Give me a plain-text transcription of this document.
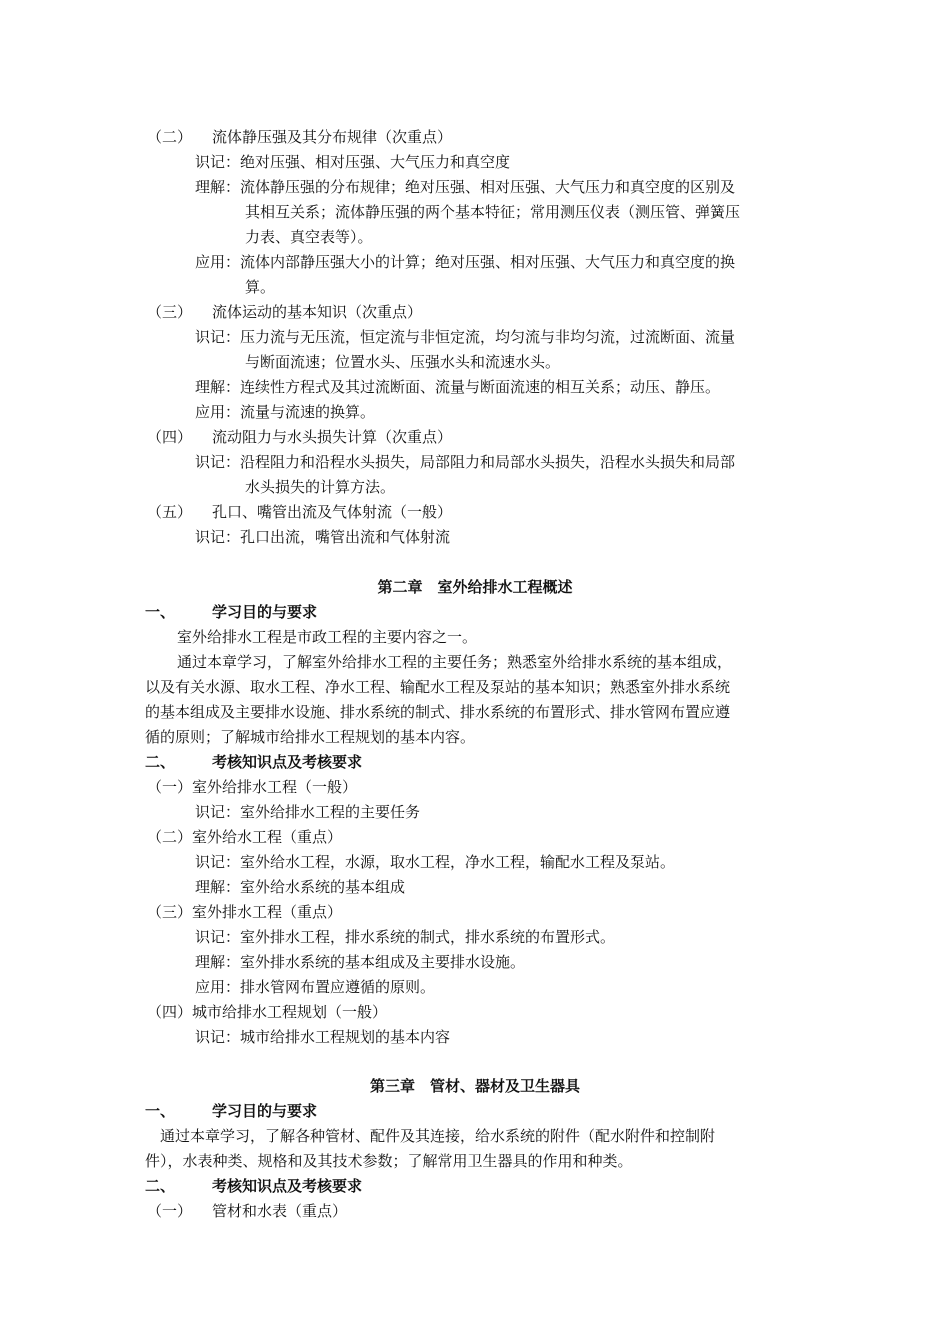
（二） 流体静压强及其分布规律（次重点）
识记：绝对压强、相对压强、大气压力和真空度
理解：流体静压强的分布规律；绝对压强、相对压强、大气压力和真空度的区别及
其相互关系；流体静压强的两个基本特征；常用测压仪表（测压管、弹簧压
力表、真空表等）。
应用：流体内部静压强大小的计算；绝对压强、相对压强、大气压力和真空度的换
算。
（三） 流体运动的基本知识（次重点）
识记：压力流与无压流，恒定流与非恒定流，均匀流与非均匀流，过流断面、流量
与断面流速；位置水头、压强水头和流速水头。
理解：连续性方程式及其过流断面、流量与断面流速的相互关系；动压、静压。
应用：流量与流速的换算。
（四） 流动阻力与水头损失计算（次重点）
识记：沿程阻力和沿程水头损失，局部阻力和局部水头损失，沿程水头损失和局部
水头损失的计算方法。
（五） 孔口、嘴管出流及气体射流（一般）
识记：孔口出流，嘴管出流和气体射流
第二章　室外给排水工程概述
一、 学习目的与要求
室外给排水工程是市政工程的主要内容之一。
通过本章学习，了解室外给排水工程的主要任务；熟悉室外给排水系统的基本组成，
以及有关水源、取水工程、净水工程、输配水工程及泵站的基本知识；熟悉室外排水系统
的基本组成及主要排水设施、排水系统的制式、排水系统的布置形式、排水管网布置应遵
循的原则；了解城市给排水工程规划的基本内容。
二、 考核知识点及考核要求
（一）室外给排水工程（一般）
识记：室外给排水工程的主要任务
（二）室外给水工程（重点）
识记：室外给水工程，水源，取水工程，净水工程，输配水工程及泵站。
理解：室外给水系统的基本组成
（三）室外排水工程（重点）
识记：室外排水工程，排水系统的制式，排水系统的布置形式。
理解：室外排水系统的基本组成及主要排水设施。
应用：排水管网布置应遵循的原则。
（四）城市给排水工程规划（一般）
识记：城市给排水工程规划的基本内容
第三章　管材、器材及卫生器具
一、 学习目的与要求
通过本章学习，了解各种管材、配件及其连接，给水系统的附件（配水附件和控制附
件），水表种类、规格和及其技术参数；了解常用卫生器具的作用和种类。
二、 考核知识点及考核要求
（一） 管材和水表（重点）
